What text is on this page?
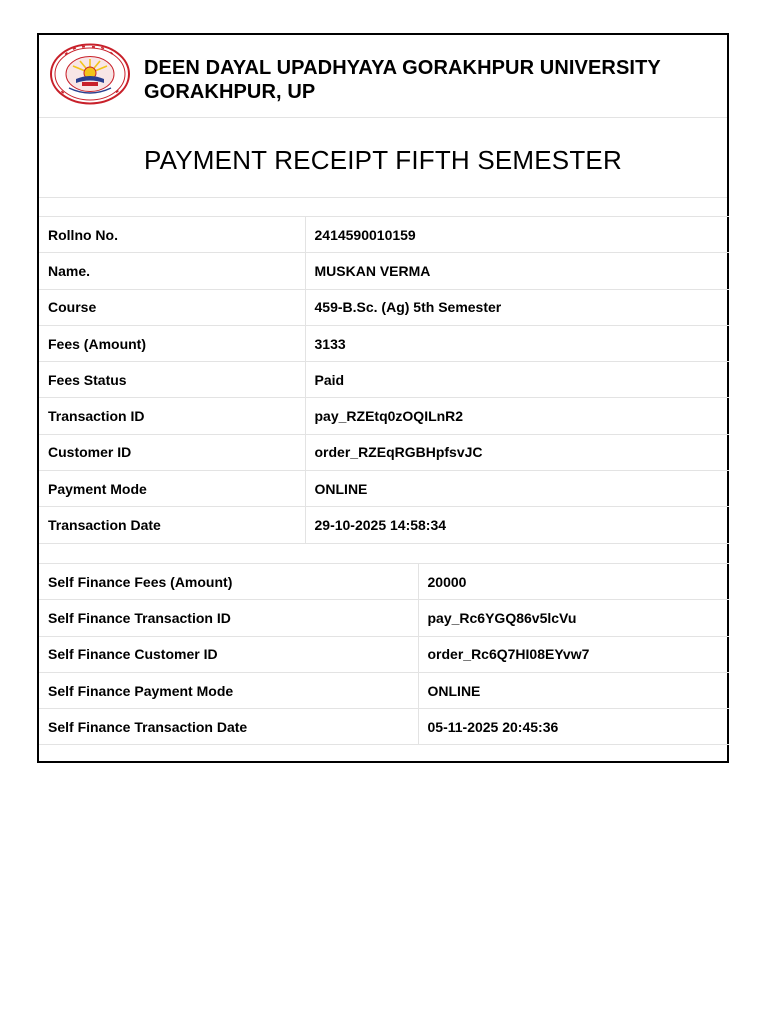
DEEN DAYAL UPADHYAYA GORAKHPUR UNIVERSITY
GORAKHPUR, UP
PAYMENT RECEIPT FIFTH SEMESTER
Rollno No.	2414590010159
Name.	MUSKAN VERMA
Course	459-B.Sc. (Ag) 5th Semester
Fees (Amount)	3133
Fees Status	Paid
Transaction ID	pay_RZEtq0zOQILnR2
Customer ID	order_RZEqRGBHpfsvJC
Payment Mode	ONLINE
Transaction Date	29-10-2025 14:58:34
Self Finance Fees (Amount)	20000
Self Finance Transaction ID	pay_Rc6YGQ86v5lcVu
Self Finance Customer ID	order_Rc6Q7HI08EYvw7
Self Finance Payment Mode	ONLINE
Self Finance Transaction Date	05-11-2025 20:45:36
